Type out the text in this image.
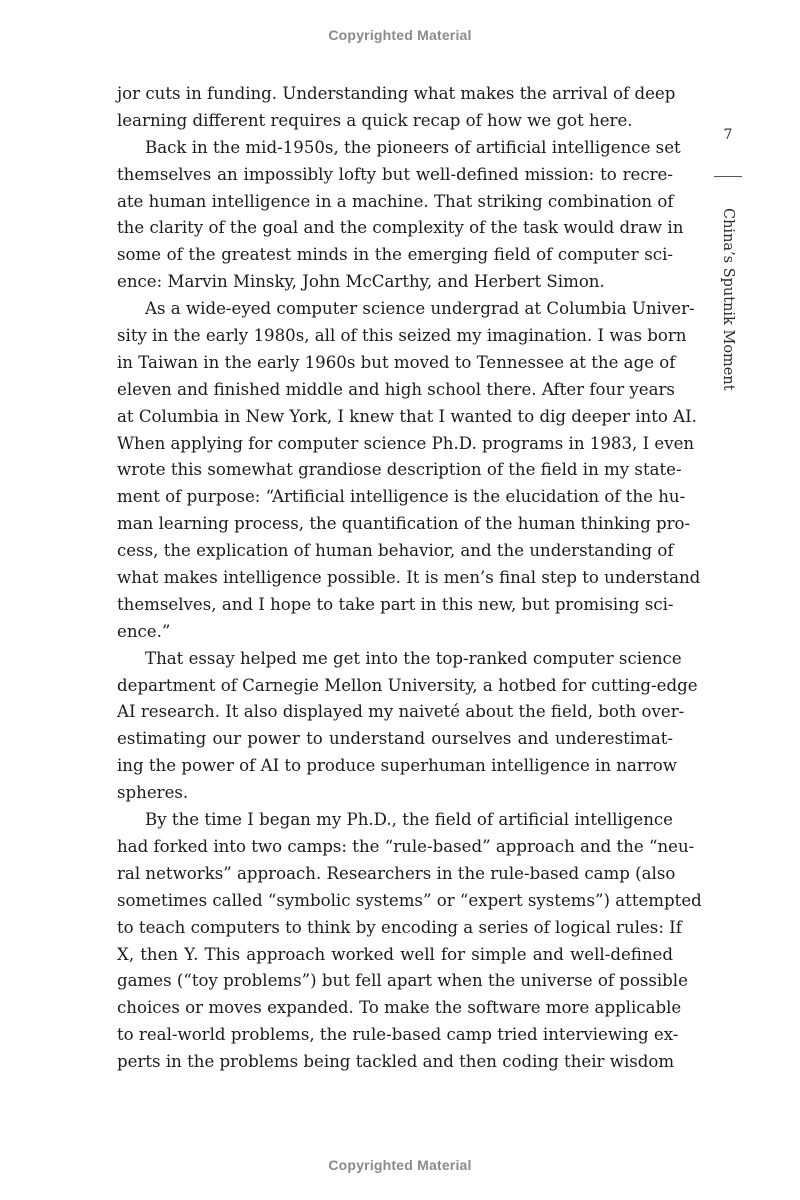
Copyrighted Material
jor cuts in funding. Understanding what makes the arrival of deep
learning different requires a quick recap of how we got here.
Back in the mid-1950s, the pioneers of artificial intelligence set
themselves an impossibly lofty but well-defined mission: to recre-
ate human intelligence in a machine. That striking combination of
the clarity of the goal and the complexity of the task would draw in
some of the greatest minds in the emerging field of computer sci-
ence: Marvin Minsky, John McCarthy, and Herbert Simon.
As a wide-eyed computer science undergrad at Columbia Univer-
sity in the early 1980s, all of this seized my imagination. I was born
in Taiwan in the early 1960s but moved to Tennessee at the age of
eleven and finished middle and high school there. After four years
at Columbia in New York, I knew that I wanted to dig deeper into AI.
When applying for computer science Ph.D. programs in 1983, I even
wrote this somewhat grandiose description of the field in my state-
ment of purpose: “Artificial intelligence is the elucidation of the hu-
man learning process, the quantification of the human thinking pro-
cess, the explication of human behavior, and the understanding of
what makes intelligence possible. It is men’s final step to understand
themselves, and I hope to take part in this new, but promising sci-
ence.”
That essay helped me get into the top-ranked computer science
department of Carnegie Mellon University, a hotbed for cutting-edge
AI research. It also displayed my naiveté about the field, both over-
estimating our power to understand ourselves and underestimat-
ing the power of AI to produce superhuman intelligence in narrow
spheres.
By the time I began my Ph.D., the field of artificial intelligence
had forked into two camps: the “rule-based” approach and the “neu-
ral networks” approach. Researchers in the rule-based camp (also
sometimes called “symbolic systems” or “expert systems”) attempted
to teach computers to think by encoding a series of logical rules: If
X, then Y. This approach worked well for simple and well-defined
games (“toy problems”) but fell apart when the universe of possible
choices or moves expanded. To make the software more applicable
to real-world problems, the rule-based camp tried interviewing ex-
perts in the problems being tackled and then coding their wisdom
7
China’s Sputnik Moment
Copyrighted Material
